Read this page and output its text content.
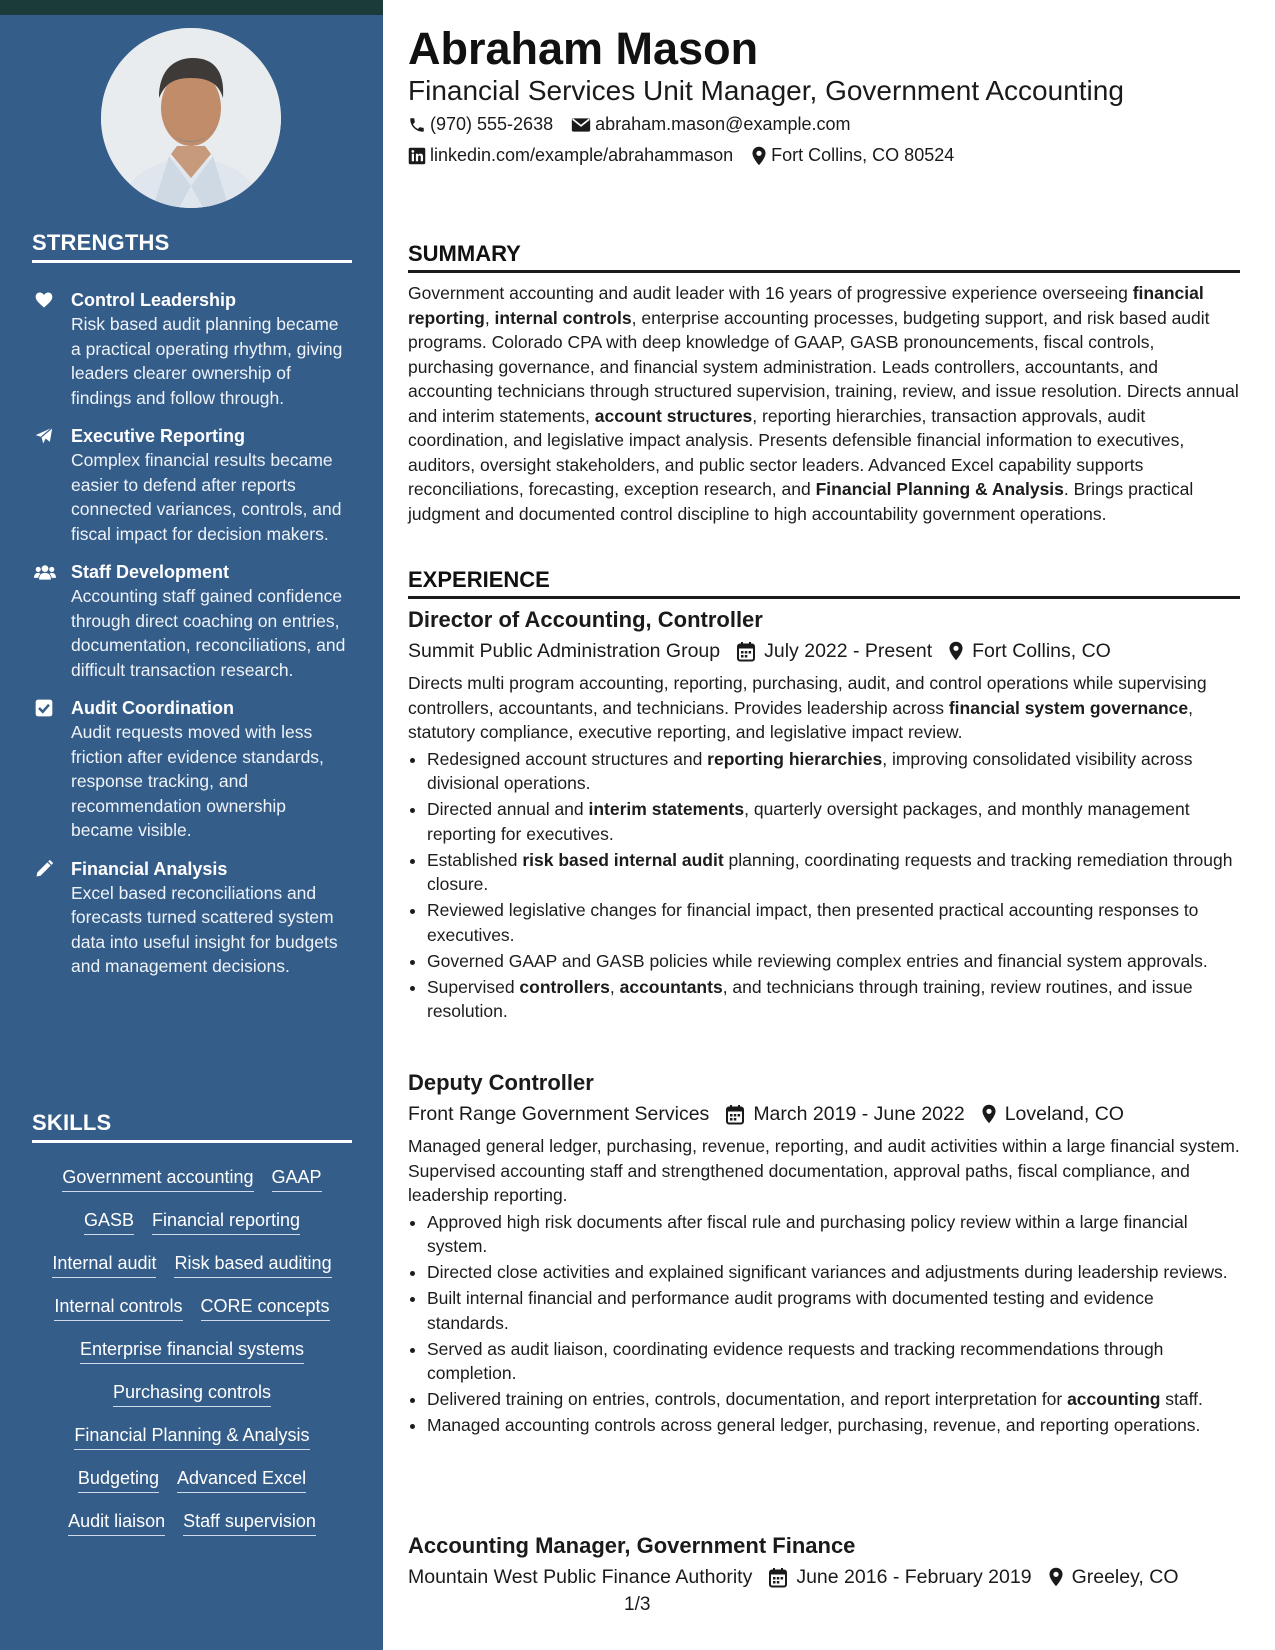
STRENGTHS
Control Leadership
Risk based audit planning became a practical operating rhythm, giving leaders clearer ownership of findings and follow through.
Executive Reporting
Complex financial results became easier to defend after reports connected variances, controls, and fiscal impact for decision makers.
Staff Development
Accounting staff gained confidence through direct coaching on entries, documentation, reconciliations, and difficult transaction research.
Audit Coordination
Audit requests moved with less friction after evidence standards, response tracking, and recommendation ownership became visible.
Financial Analysis
Excel based reconciliations and forecasts turned scattered system data into useful insight for budgets and management decisions.
SKILLS
Government accounting GAAP
GASB Financial reporting
Internal audit Risk based auditing
Internal controls CORE concepts
Enterprise financial systems
Purchasing controls
Financial Planning & Analysis
Budgeting Advanced Excel
Audit liaison Staff supervision
Abraham Mason
Financial Services Unit Manager, Government Accounting
(970) 555-2638 abraham.mason@example.com
linkedin.com/example/abrahammason Fort Collins, CO 80524
SUMMARY

Government accounting and audit leader with 16 years of progressive experience overseeing financial reporting, internal controls, enterprise accounting processes, budgeting support, and risk based audit programs. Colorado CPA with deep knowledge of GAAP, GASB pronouncements, fiscal controls, purchasing governance, and financial system administration. Leads controllers, accountants, and accounting technicians through structured supervision, training, review, and issue resolution. Directs annual and interim statements, account structures, reporting hierarchies, transaction approvals, audit coordination, and legislative impact analysis. Presents defensible financial information to executives, auditors, oversight stakeholders, and public sector leaders. Advanced Excel capability supports reconciliations, forecasting, exception research, and Financial Planning & Analysis. Brings practical judgment and documented control discipline to high accountability government operations.

EXPERIENCE
Director of Accounting, Controller
Summit Public Administration Group July 2022 - Present Fort Collins, CO

Directs multi program accounting, reporting, purchasing, audit, and control operations while supervising controllers, accountants, and technicians. Provides leadership across financial system governance, statutory compliance, executive reporting, and legislative impact review.

• Redesigned account structures and reporting hierarchies, improving consolidated visibility across divisional operations.
• Directed annual and interim statements, quarterly oversight packages, and monthly management reporting for executives.
• Established risk based internal audit planning, coordinating requests and tracking remediation through closure.
• Reviewed legislative changes for financial impact, then presented practical accounting responses to executives.
• Governed GAAP and GASB policies while reviewing complex entries and financial system approvals.
• Supervised controllers, accountants, and technicians through training, review routines, and issue resolution.
Deputy Controller
Front Range Government Services March 2019 - June 2022 Loveland, CO

Managed general ledger, purchasing, revenue, reporting, and audit activities within a large financial system. Supervised accounting staff and strengthened documentation, approval paths, fiscal compliance, and leadership reporting.

• Approved high risk documents after fiscal rule and purchasing policy review within a large financial system.
• Directed close activities and explained significant variances and adjustments during leadership reviews.
• Built internal financial and performance audit programs with documented testing and evidence standards.
• Served as audit liaison, coordinating evidence requests and tracking recommendations through completion.
• Delivered training on entries, controls, documentation, and report interpretation for accounting staff.
• Managed accounting controls across general ledger, purchasing, revenue, and reporting operations.
Accounting Manager, Government Finance
Mountain West Public Finance Authority June 2016 - February 2019 Greeley, CO
1/3
